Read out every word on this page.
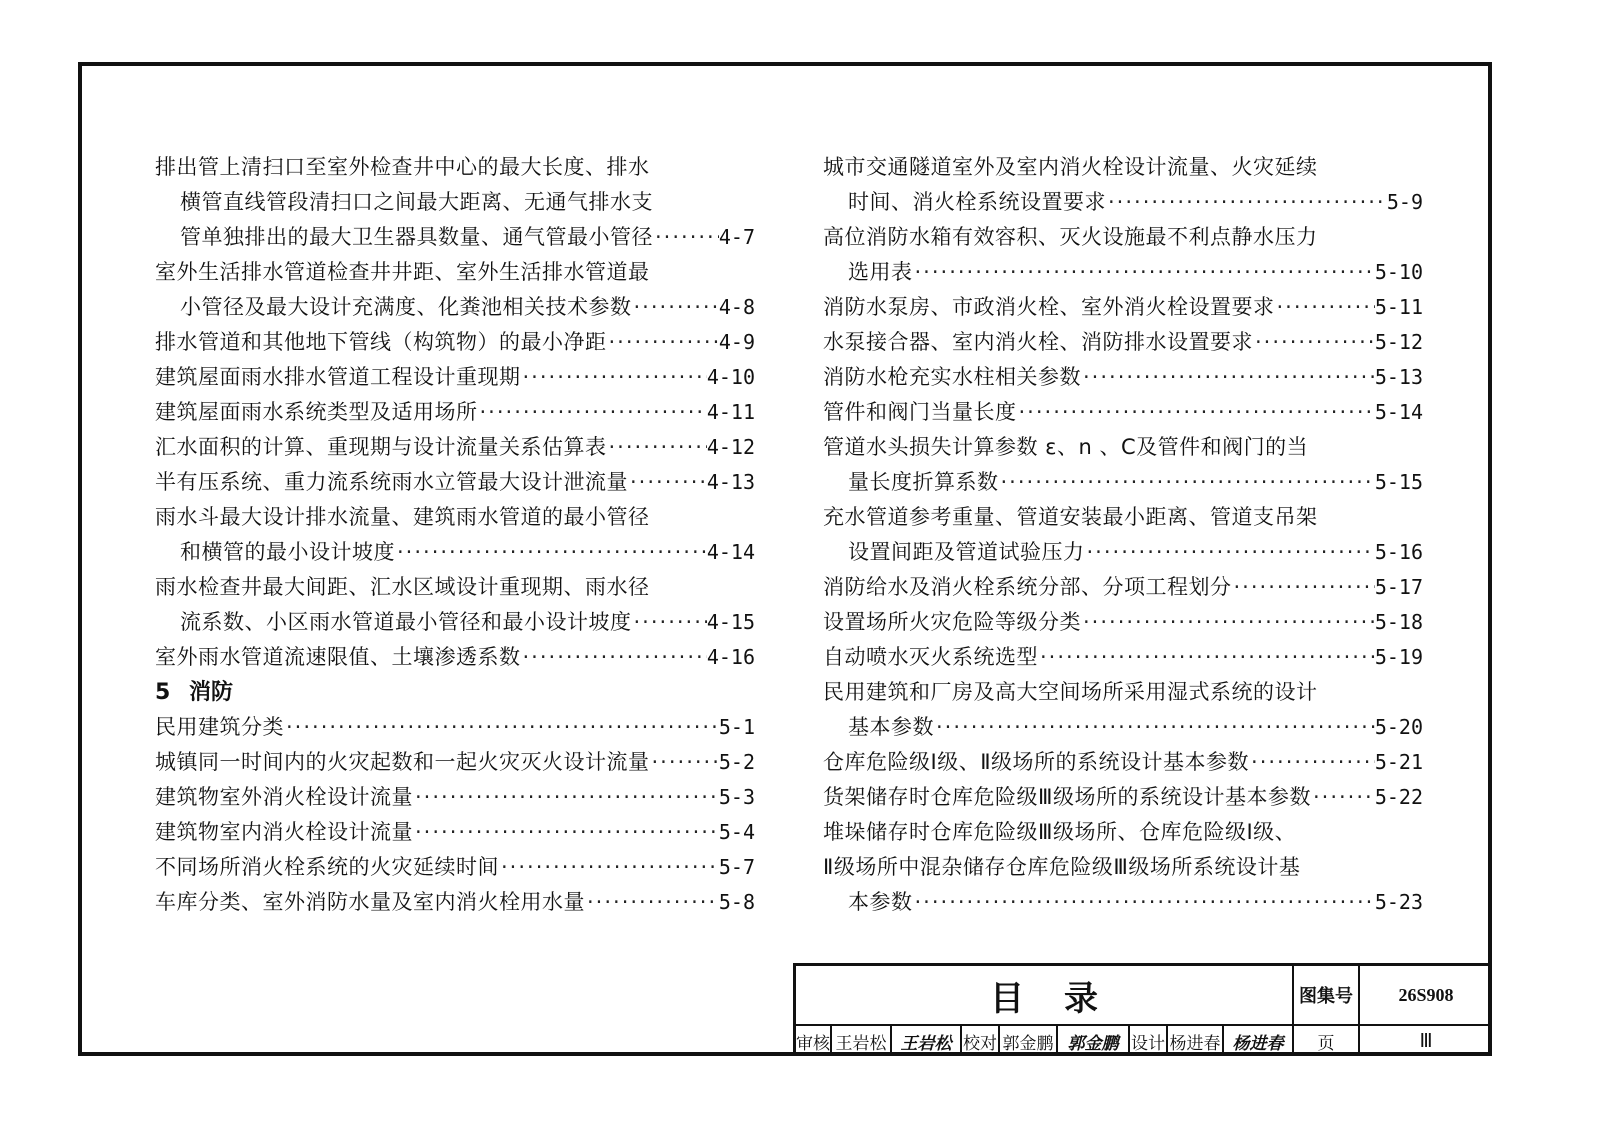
排出管上清扫口至室外检查井中心的最大长度、排水
横管直线管段清扫口之间最大距离、无通气排水支
管单独排出的最大卫生器具数量、通气管最小管径 ·····	4-7
室外生活排水管道检查井井距、室外生活排水管道最
小管径及最大设计充满度、化粪池相关技术参数 ·····	4-8
排水管道和其他地下管线（构筑物）的最小净距 ·····	4-9
建筑屋面雨水排水管道工程设计重现期 ·····	4-10
建筑屋面雨水系统类型及适用场所 ·····	4-11
汇水面积的计算、重现期与设计流量关系估算表 ·····	4-12
半有压系统、重力流系统雨水立管最大设计泄流量 ·····	4-13
雨水斗最大设计排水流量、建筑雨水管道的最小管径
和横管的最小设计坡度 ·····	4-14
雨水检查井最大间距、汇水区域设计重现期、雨水径
流系数、小区雨水管道最小管径和最小设计坡度 ·····	4-15
室外雨水管道流速限值、土壤渗透系数 ·····	4-16
5 消防
民用建筑分类 ·····	5-1
城镇同一时间内的火灾起数和一起火灾灭火设计流量 ·····	5-2
建筑物室外消火栓设计流量 ·····	5-3
建筑物室内消火栓设计流量 ·····	5-4
不同场所消火栓系统的火灾延续时间 ·····	5-7
车库分类、室外消防水量及室内消火栓用水量 ·····	5-8
城市交通隧道室外及室内消火栓设计流量、火灾延续
时间、消火栓系统设置要求 ·····	5-9
高位消防水箱有效容积、灭火设施最不利点静水压力
选用表 ·····	5-10
消防水泵房、市政消火栓、室外消火栓设置要求 ·····	5-11
水泵接合器、室内消火栓、消防排水设置要求 ·····	5-12
消防水枪充实水柱相关参数 ·····	5-13
管件和阀门当量长度 ·····	5-14
管道水头损失计算参数 ε、n 、C及管件和阀门的当
量长度折算系数 ·····	5-15
充水管道参考重量、管道安装最小距离、管道支吊架
设置间距及管道试验压力 ·····	5-16
消防给水及消火栓系统分部、分项工程划分 ·····	5-17
设置场所火灾危险等级分类 ·····	5-18
自动喷水灭火系统选型 ·····	5-19
民用建筑和厂房及高大空间场所采用湿式系统的设计
基本参数 ·····	5-20
仓库危险级Ⅰ级、Ⅱ级场所的系统设计基本参数 ·····	5-21
货架储存时仓库危险级Ⅲ级场所的系统设计基本参数 ·····	5-22
堆垛储存时仓库危险级Ⅲ级场所、仓库危险级Ⅰ级、
Ⅱ级场所中混杂储存仓库危险级Ⅲ级场所系统设计基
本参数 ·····	5-23
目录	图集号	26S908
审核 王岩松 王岩松 校对 郭金鹏 郭金鹏 设计 杨进春 杨进春	页	Ⅲ
